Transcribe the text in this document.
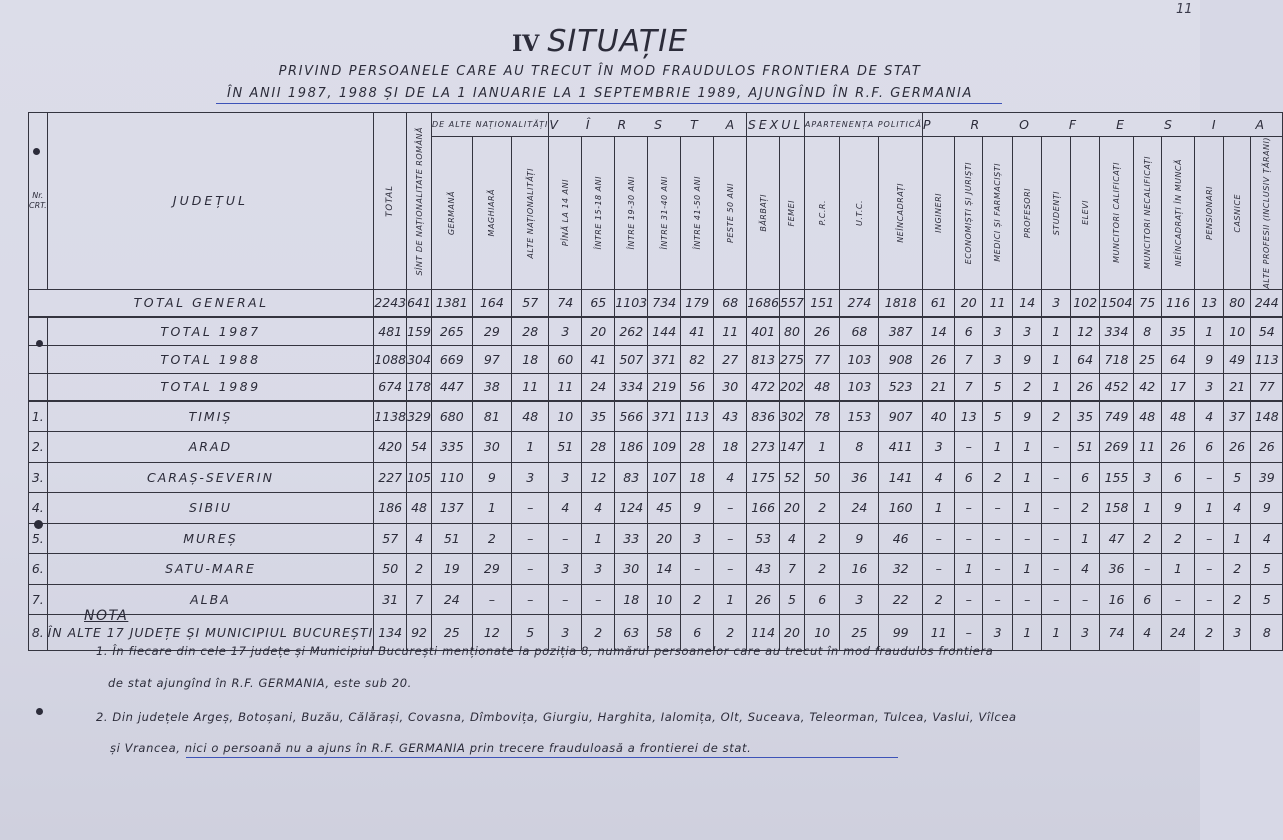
11
IV SITUAȚIE
PRIVIND PERSOANELE CARE AU TRECUT ÎN MOD FRAUDULOS FRONTIERA DE STAT
ÎN ANII 1987, 1988 ȘI DE LA 1 IANUARIE LA 1 SEPTEMBRIE 1989, AJUNGÎND ÎN R.F. GERMANIA
Nr. CRT.	JUDEȚUL	TOTAL	SÎNT DE NAȚIONALITATE ROMÂNĂ	DE ALTE NAȚIONALITĂȚI			V Î R S T A						SEXUL		APARTENENȚA POLITICĂ			P R O F E S I A											

				GERMANĂ	MAGHIARĂ	ALTE NAȚIONALITĂȚI	PÎNĂ LA 14 ANI	ÎNTRE 15-18 ANI	ÎNTRE 19-30 ANI	ÎNTRE 31-40 ANI	ÎNTRE 41-50 ANI	PESTE 50 ANI	BĂRBAȚI	FEMEI	P.C.R.	U.T.C.	NEÎNCADRAȚI	INGINERI	ECONOMIȘTI ȘI JURIȘTI	MEDICI ȘI FARMACIȘTI	PROFESORI	STUDENȚI	ELEVI	MUNCITORI CALIFICAȚI	MUNCITORI NECALIFICAȚI	NEÎNCADRAȚI ÎN MUNCĂ	PENSIONARI	CASNICE	ALTE PROFESII (INCLUSIV ȚĂRANI)

TOTAL GENERAL		2243	641	1381	164	57	74	65	1103	734	179	68	1686	557	151	274	1818	61	20	11	14	3	102	1504	75	116	13	80	244
	TOTAL 1987	481	159	265	29	28	3	20	262	144	41	11	401	80	26	68	387	14	6	3	3	1	12	334	8	35	1	10	54
	TOTAL 1988	1088	304	669	97	18	60	41	507	371	82	27	813	275	77	103	908	26	7	3	9	1	64	718	25	64	9	49	113
	TOTAL 1989	674	178	447	38	11	11	24	334	219	56	30	472	202	48	103	523	21	7	5	2	1	26	452	42	17	3	21	77
1.	TIMIȘ	1138	329	680	81	48	10	35	566	371	113	43	836	302	78	153	907	40	13	5	9	2	35	749	48	48	4	37	148
2.	ARAD	420	54	335	30	1	51	28	186	109	28	18	273	147	1	8	411	3	–	1	1	–	51	269	11	26	6	26	26
3.	CARAȘ-SEVERIN	227	105	110	9	3	3	12	83	107	18	4	175	52	50	36	141	4	6	2	1	–	6	155	3	6	–	5	39
4.	SIBIU	186	48	137	1	–	4	4	124	45	9	–	166	20	2	24	160	1	–	–	1	–	2	158	1	9	1	4	9
5.	MUREȘ	57	4	51	2	–	–	1	33	20	3	–	53	4	2	9	46	–	–	–	–	–	1	47	2	2	–	1	4
6.	SATU-MARE	50	2	19	29	–	3	3	30	14	–	–	43	7	2	16	32	–	1	–	1	–	4	36	–	1	–	2	5
7.	ALBA	31	7	24	–	–	–	–	18	10	2	1	26	5	6	3	22	2	–	–	–	–	–	16	6	–	–	2	5
8.	ÎN ALTE 17 JUDEȚE ȘI MUNICIPIUL BUCUREȘTI	134	92	25	12	5	3	2	63	58	6	2	114	20	10	25	99	11	–	3	1	1	3	74	4	24	2	3	8
NOTA
1. În fiecare din cele 17 județe și Municipiul București menționate la poziția 8, numărul persoanelor care au trecut în mod fraudulos frontiera
de stat ajungînd în R.F. GERMANIA, este sub 20.
2. Din județele Argeș, Botoșani, Buzău, Călărași, Covasna, Dîmbovița, Giurgiu, Harghita, Ialomița, Olt, Suceava, Teleorman, Tulcea, Vaslui, Vîlcea
și Vrancea, nici o persoană nu a ajuns în R.F. GERMANIA prin trecere frauduloasă a frontierei de stat.
